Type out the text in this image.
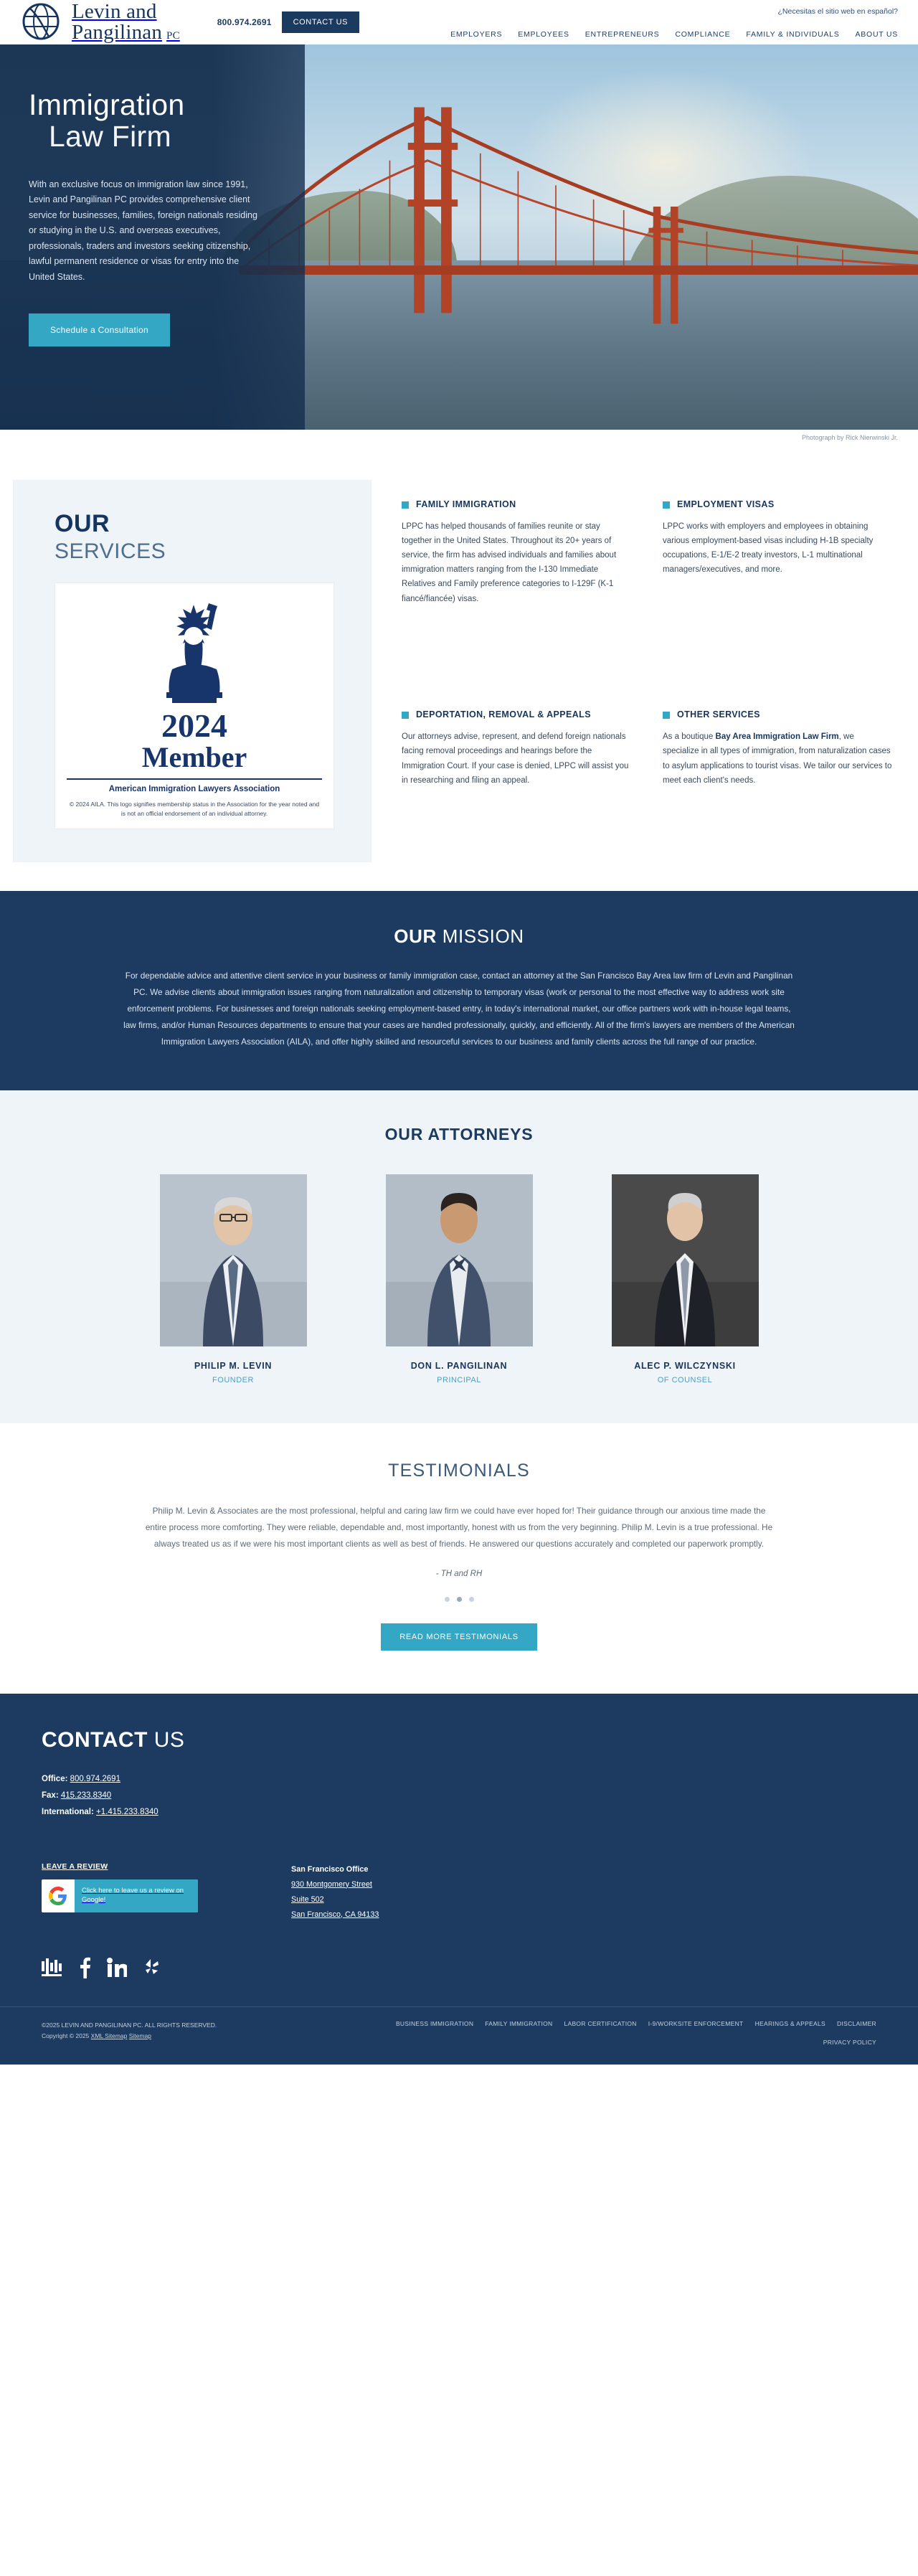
Levin and
Pangilinan PC
800.974.2691	CONTACT US
¿Necesitas el sitio web en español?
EMPLOYERS EMPLOYEES ENTREPRENEURS COMPLIANCE FAMILY & INDIVIDUALS ABOUT US
Immigration
Law Firm

With an exclusive focus on immigration law since 1991, Levin and Pangilinan PC provides comprehensive client service for businesses, families, foreign nationals residing or studying in the U.S. and overseas executives, professionals, traders and investors seeking citizenship, lawful permanent residence or visas for entry into the United States.

Schedule a Consultation
Photograph by Rick Nierwinski Jr.
OUR
SERVICES
2024
Member
American Immigration Lawyers Association
© 2024 AILA. This logo signifies membership status in the Association for the year noted and is not an official endorsement of an individual attorney.
FAMILY IMMIGRATION

LPPC has helped thousands of families reunite or stay together in the United States. Throughout its 20+ years of service, the firm has advised individuals and families about immigration matters ranging from the I-130 Immediate Relatives and Family preference categories to I-129F (K-1 fiancé/fiancée) visas.

EMPLOYMENT VISAS

LPPC works with employers and employees in obtaining various employment-based visas including H-1B specialty occupations, E-1/E-2 treaty investors, L-1 multinational managers/executives, and more.

DEPORTATION, REMOVAL & APPEALS

Our attorneys advise, represent, and defend foreign nationals facing removal proceedings and hearings before the Immigration Court. If your case is denied, LPPC will assist you in researching and filing an appeal.

OTHER SERVICES

As a boutique Bay Area Immigration Law Firm, we specialize in all types of immigration, from naturalization cases to asylum applications to tourist visas. We tailor our services to meet each client's needs.

OUR MISSION

For dependable advice and attentive client service in your business or family immigration case, contact an attorney at the San Francisco Bay Area law firm of Levin and Pangilinan PC. We advise clients about immigration issues ranging from naturalization and citizenship to temporary visas (work or personal to the most effective way to address work site enforcement problems. For businesses and foreign nationals seeking employment-based entry, in today's international market, our office partners work with in-house legal teams, law firms, and/or Human Resources departments to ensure that your cases are handled professionally, quickly, and efficiently. All of the firm's lawyers are members of the American Immigration Lawyers Association (AILA), and offer highly skilled and resourceful services to our business and family clients across the full range of our practice.

OUR ATTORNEYS
PHILIP M. LEVIN
FOUNDER
DON L. PANGILINAN
PRINCIPAL
ALEC P. WILCZYNSKI
OF COUNSEL
TESTIMONIALS

Philip M. Levin & Associates are the most professional, helpful and caring law firm we could have ever hoped for! Their guidance through our anxious time made the entire process more comforting. They were reliable, dependable and, most importantly, honest with us from the very beginning. Philip M. Levin is a true professional. He always treated us as if we were his most important clients as well as best of friends. He answered our questions accurately and completed our paperwork promptly.

- TH and RH
READ MORE TESTIMONIALS
CONTACT US
Office: 800.974.2691
Fax: 415.233.8340
International: +1.415.233.8340
LEAVE A REVIEW
Click here to leave us a review on Google!
San Francisco Office
930 Montgomery Street
Suite 502
San Francisco, CA 94133
©2025 LEVIN AND PANGILINAN PC. ALL RIGHTS RESERVED.
Copyright © 2025 XML Sitemap Sitemap
BUSINESS IMMIGRATION FAMILY IMMIGRATION LABOR CERTIFICATION I-9/WORKSITE ENFORCEMENT HEARINGS & APPEALS DISCLAIMER
PRIVACY POLICY
